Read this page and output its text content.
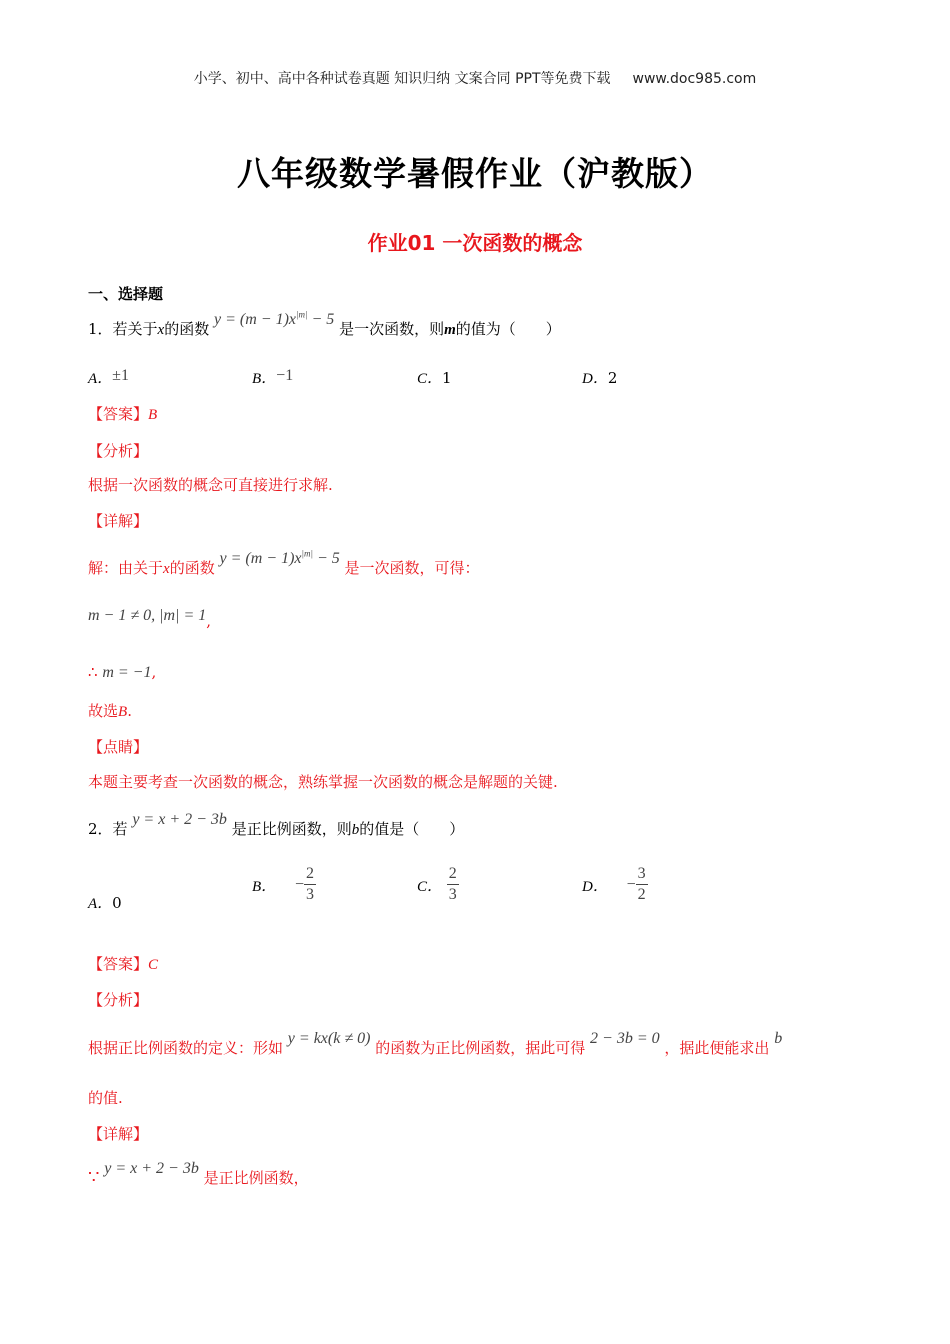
小学、初中、高中各种试卷真题 知识归纳 文案合同 PPT等免费下载 www.doc985.com
八年级数学暑假作业（沪教版）
作业01 一次函数的概念
一、选择题
1．若关于x的函数 $y = (m - 1)x^{|m|} - 5$ 是一次函数，则m的值为（　　）
A．±1	B．−1	C．1	D．2
【答案】B
【分析】
根据一次函数的概念可直接进行求解.
【详解】
解：由关于x的函数 $y = (m - 1)x^{|m|} - 5$ 是一次函数，可得：
m − 1 ≠ 0, |m| = 1,
∴ m = −1,
故选B.
【点睛】
本题主要考查一次函数的概念，熟练掌握一次函数的概念是解题的关键.
2．若 y = x + 2 − 3b 是正比例函数，则b的值是（　　）
A．0
B． − $\frac{2}{3}$	C． $\frac{2}{3}$	D． − $\frac{3}{2}$
【答案】C
【分析】
根据正比例函数的定义：形如 y = kx(k ≠ 0) 的函数为正比例函数，据此可得 2 − 3b = 0 ，据此便能求出 b
的值.
【详解】
∵ y = x + 2 − 3b 是正比例函数，
